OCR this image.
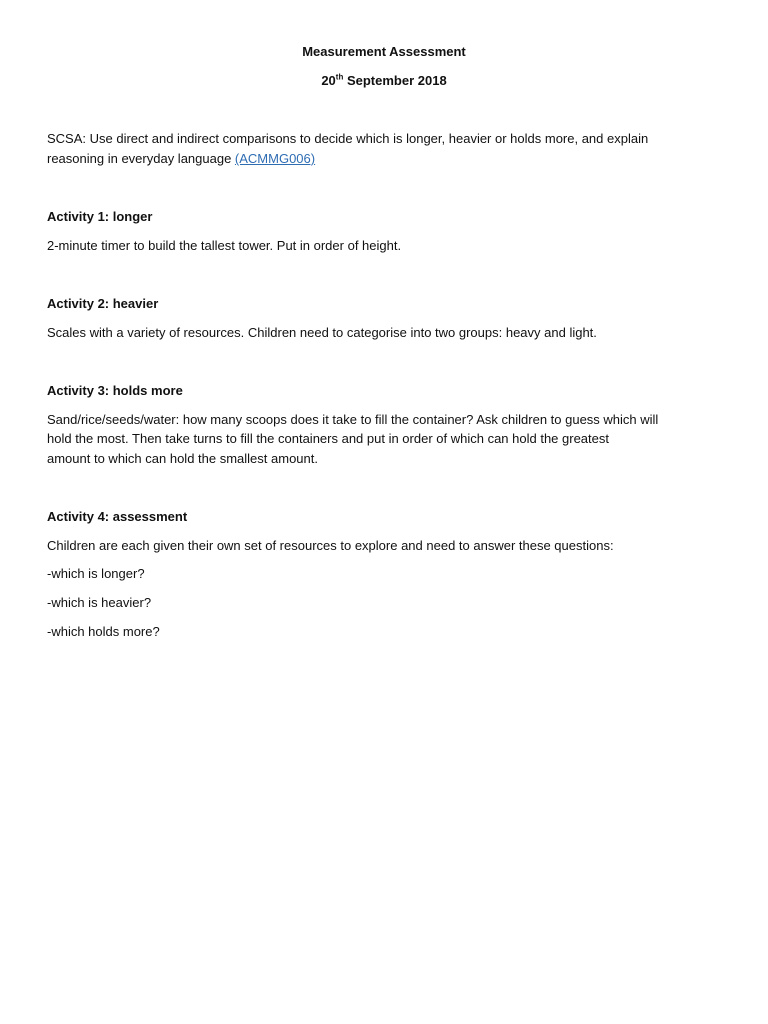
Measurement Assessment
20th September 2018
SCSA: Use direct and indirect comparisons to decide which is longer, heavier or holds more, and explain
reasoning in everyday language (ACMMG006)
Activity 1: longer
2-minute timer to build the tallest tower. Put in order of height.
Activity 2: heavier
Scales with a variety of resources. Children need to categorise into two groups: heavy and light.
Activity 3: holds more
Sand/rice/seeds/water: how many scoops does it take to fill the container? Ask children to guess which will
hold the most. Then take turns to fill the containers and put in order of which can hold the greatest
amount to which can hold the smallest amount.
Activity 4: assessment
Children are each given their own set of resources to explore and need to answer these questions:
-which is longer?
-which is heavier?
-which holds more?
